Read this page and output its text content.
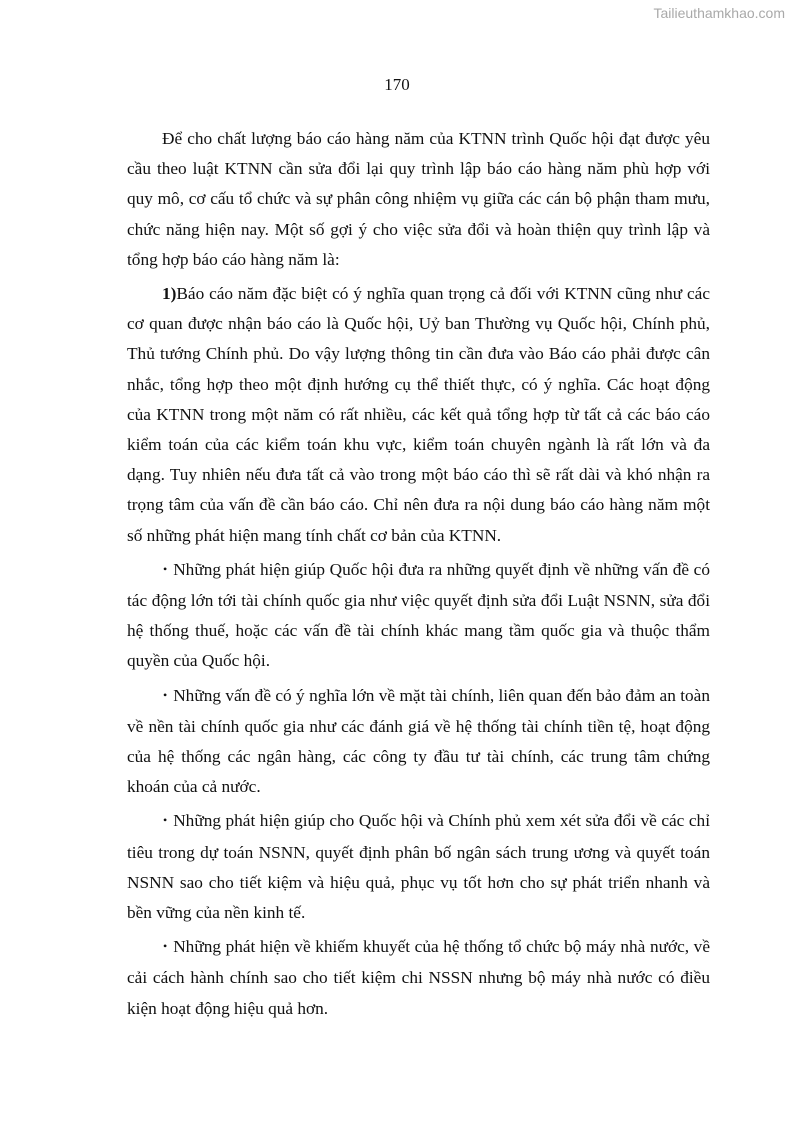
Tailieuthamkhao.com
170

Để cho chất lượng báo cáo hàng năm của KTNN trình Quốc hội đạt được yêu cầu theo luật KTNN cần sửa đổi lại quy trình lập báo cáo hàng năm phù hợp với quy mô, cơ cấu tổ chức và sự phân công nhiệm vụ giữa các cán bộ phận tham mưu, chức năng hiện nay. Một số gợi ý cho việc sửa đổi và hoàn thiện quy trình lập và tổng hợp báo cáo hàng năm là:

1)Báo cáo năm đặc biệt có ý nghĩa quan trọng cả đối với KTNN cũng như các cơ quan được nhận báo cáo là Quốc hội, Uỷ ban Thường vụ Quốc hội, Chính phủ, Thủ tướng Chính phủ. Do vậy lượng thông tin cần đưa vào Báo cáo phải được cân nhắc, tổng hợp theo một định hướng cụ thể thiết thực, có ý nghĩa. Các hoạt động của KTNN trong một năm có rất nhiều, các kết quả tổng hợp từ tất cả các báo cáo kiểm toán của các kiểm toán khu vực, kiểm toán chuyên ngành là rất lớn và đa dạng. Tuy nhiên nếu đưa tất cả vào trong một báo cáo thì sẽ rất dài và khó nhận ra trọng tâm của vấn đề cần báo cáo. Chỉ nên đưa ra nội dung báo cáo hàng năm một số những phát hiện mang tính chất cơ bản của KTNN.

• Những phát hiện giúp Quốc hội đưa ra những quyết định về những vấn đề có tác động lớn tới tài chính quốc gia như việc quyết định sửa đổi Luật NSNN, sửa đổi hệ thống thuế, hoặc các vấn đề tài chính khác mang tầm quốc gia và thuộc thẩm quyền của Quốc hội.

• Những vấn đề có ý nghĩa lớn về mặt tài chính, liên quan đến bảo đảm an toàn về nền tài chính quốc gia như các đánh giá về hệ thống tài chính tiền tệ, hoạt động của hệ thống các ngân hàng, các công ty đầu tư tài chính, các trung tâm chứng khoán của cả nước.

• Những phát hiện giúp cho Quốc hội và Chính phủ xem xét sửa đổi về các chỉ tiêu trong dự toán NSNN, quyết định phân bố ngân sách trung ương và quyết toán NSNN sao cho tiết kiệm và hiệu quả, phục vụ tốt hơn cho sự phát triển nhanh và bền vững của nền kinh tế.

• Những phát hiện về khiếm khuyết của hệ thống tổ chức bộ máy nhà nước, về cải cách hành chính sao cho tiết kiệm chi NSSN nhưng bộ máy nhà nước có điều kiện hoạt động hiệu quả hơn.
